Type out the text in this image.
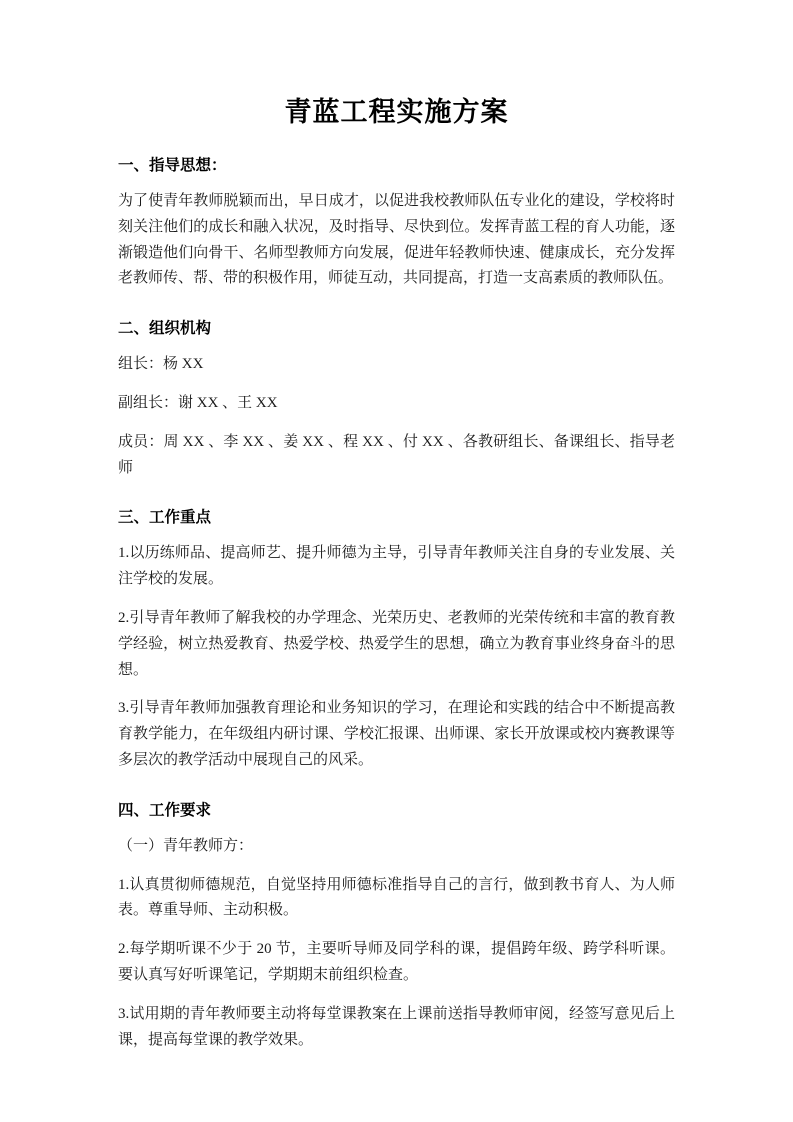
青蓝工程实施方案
一、指导思想：

为了使青年教师脱颖而出，早日成才，以促进我校教师队伍专业化的建设，学校将时刻关注他们的成长和融入状况，及时指导、尽快到位。发挥青蓝工程的育人功能，逐渐锻造他们向骨干、名师型教师方向发展，促进年轻教师快速、健康成长，充分发挥老教师传、帮、带的积极作用，师徒互动，共同提高，打造一支高素质的教师队伍。

二、组织机构

组长：杨 XX

副组长：谢 XX 、王 XX

成员：周 XX 、李 XX 、姜 XX 、程 XX 、付 XX 、各教研组长、备课组长、指导老师

三、工作重点

1.以历练师品、提高师艺、提升师德为主导，引导青年教师关注自身的专业发展、关注学校的发展。

2.引导青年教师了解我校的办学理念、光荣历史、老教师的光荣传统和丰富的教育教学经验，树立热爱教育、热爱学校、热爱学生的思想，确立为教育事业终身奋斗的思想。

3.引导青年教师加强教育理论和业务知识的学习，在理论和实践的结合中不断提高教育教学能力，在年级组内研讨课、学校汇报课、出师课、家长开放课或校内赛教课等多层次的教学活动中展现自己的风采。

四、工作要求

（一）青年教师方：

1.认真贯彻师德规范，自觉坚持用师德标准指导自己的言行，做到教书育人、为人师表。尊重导师、主动积极。

2.每学期听课不少于 20 节，主要听导师及同学科的课，提倡跨年级、跨学科听课。要认真写好听课笔记，学期期末前组织检查。

3.试用期的青年教师要主动将每堂课教案在上课前送指导教师审阅，经签写意见后上课，提高每堂课的教学效果。
